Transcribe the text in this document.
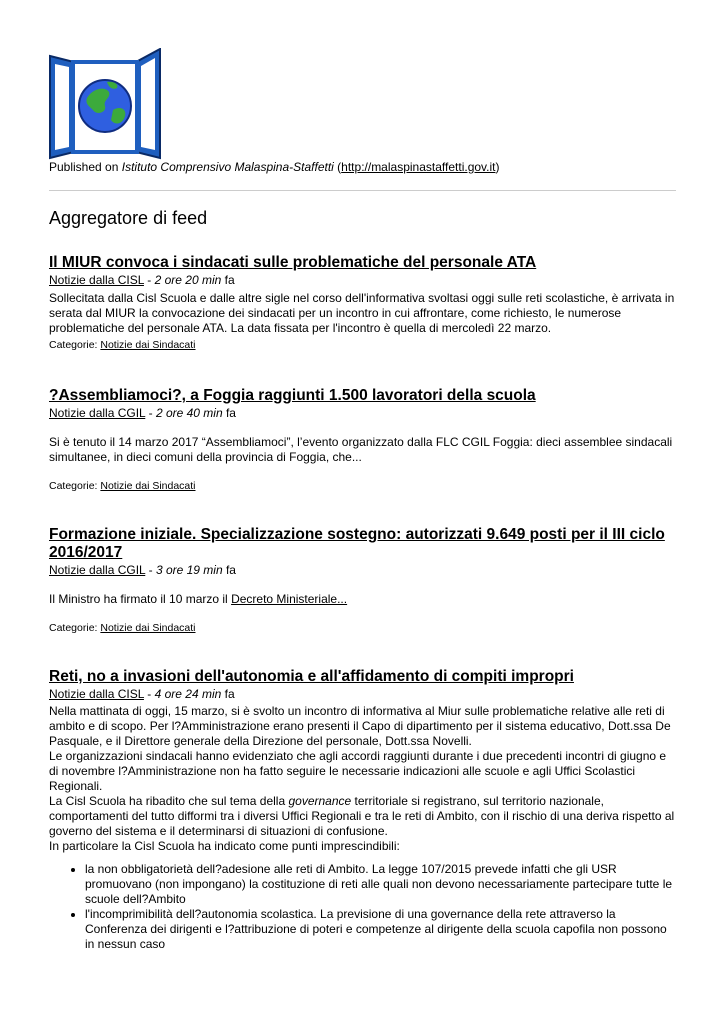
Published on Istituto Comprensivo Malaspina-Staffetti (http://malaspinastaffetti.gov.it)
Aggregatore di feed
Il MIUR convoca i sindacati sulle problematiche del personale ATA
Notizie dalla CISL - 2 ore 20 min fa
Sollecitata dalla Cisl Scuola e dalle altre sigle nel corso dell'informativa svoltasi oggi sulle reti scolastiche, è arrivata in serata dal MIUR la convocazione dei sindacati per un incontro in cui affrontare, come richiesto, le numerose problematiche del personale ATA. La data fissata per l'incontro è quella di mercoledì 22 marzo.
Categorie: Notizie dai Sindacati
?Assembliamoci?, a Foggia raggiunti 1.500 lavoratori della scuola
Notizie dalla CGIL - 2 ore 40 min fa
Si è tenuto il 14 marzo 2017 “Assembliamoci”, l’evento organizzato dalla FLC CGIL Foggia: dieci assemblee sindacali simultanee, in dieci comuni della provincia di Foggia, che...
Categorie: Notizie dai Sindacati
Formazione iniziale. Specializzazione sostegno: autorizzati 9.649 posti per il III ciclo 2016/2017
Notizie dalla CGIL - 3 ore 19 min fa
Il Ministro ha firmato il 10 marzo il Decreto Ministeriale...
Categorie: Notizie dai Sindacati
Reti, no a invasioni dell'autonomia e all'affidamento di compiti impropri
Notizie dalla CISL - 4 ore 24 min fa
Nella mattinata di oggi, 15 marzo, si è svolto un incontro di informativa al Miur sulle problematiche relative alle reti di ambito e di scopo. Per l?Amministrazione erano presenti il Capo di dipartimento per il sistema educativo, Dott.ssa De Pasquale, e il Direttore generale della Direzione del personale, Dott.ssa Novelli.
Le organizzazioni sindacali hanno evidenziato che agli accordi raggiunti durante i due precedenti incontri di giugno e di novembre l?Amministrazione non ha fatto seguire le necessarie indicazioni alle scuole e agli Uffici Scolastici Regionali.
La Cisl Scuola ha ribadito che sul tema della governance territoriale si registrano, sul territorio nazionale, comportamenti del tutto difformi tra i diversi Uffici Regionali e tra le reti di Ambito, con il rischio di una deriva rispetto al governo del sistema e il determinarsi di situazioni di confusione.
In particolare la Cisl Scuola ha indicato come punti imprescindibili:
• la non obbligatorietà dell?adesione alle reti di Ambito. La legge 107/2015 prevede infatti che gli USR promuovano (non impongano) la costituzione di reti alle quali non devono necessariamente partecipare tutte le scuole dell?Ambito
• l'incomprimibilità dell?autonomia scolastica. La previsione di una governance della rete attraverso la Conferenza dei dirigenti e l?attribuzione di poteri e competenze al dirigente della scuola capofila non possono in nessun caso
